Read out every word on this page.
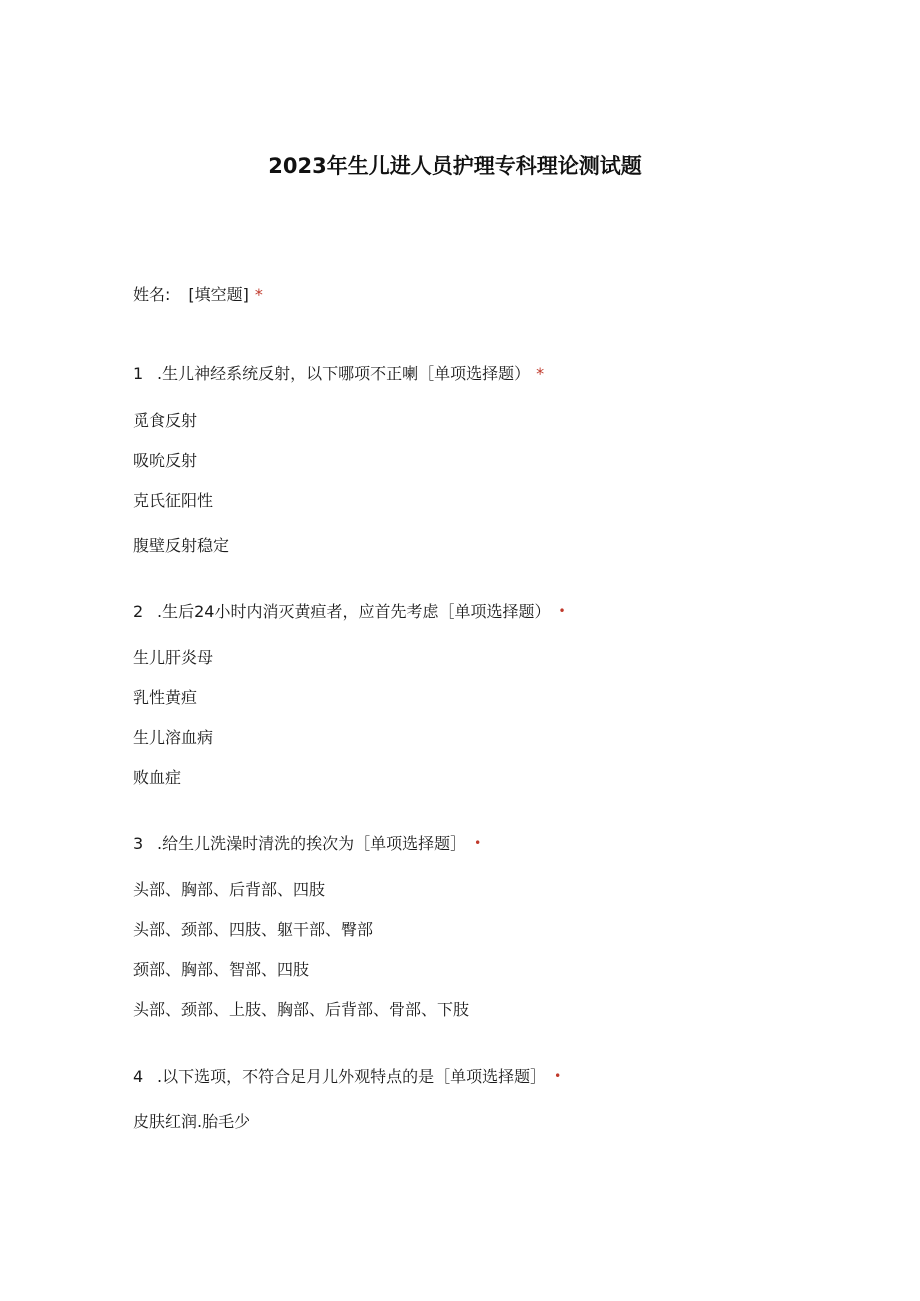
2023年生儿进人员护理专科理论测试题
姓名: [填空题] *
1 .生儿神经系统反射，以下哪项不正喇［单项选择题） *
觅食反射
吸吮反射
克氏征阳性
腹壁反射稳定
2 .生后24小时内消灭黄疸者，应首先考虑［单项选择题） •
生儿肝炎母
乳性黄疸
生儿溶血病
败血症
3 .给生儿洗澡时清洗的挨次为［单项选择题］ •
头部、胸部、后背部、四肢
头部、颈部、四肢、躯干部、臀部
颈部、胸部、智部、四肢
头部、颈部、上肢、胸部、后背部、骨部、下肢
4 .以下选项，不符合足月儿外观特点的是［单项选择题］ •
皮肤红润.胎毛少
